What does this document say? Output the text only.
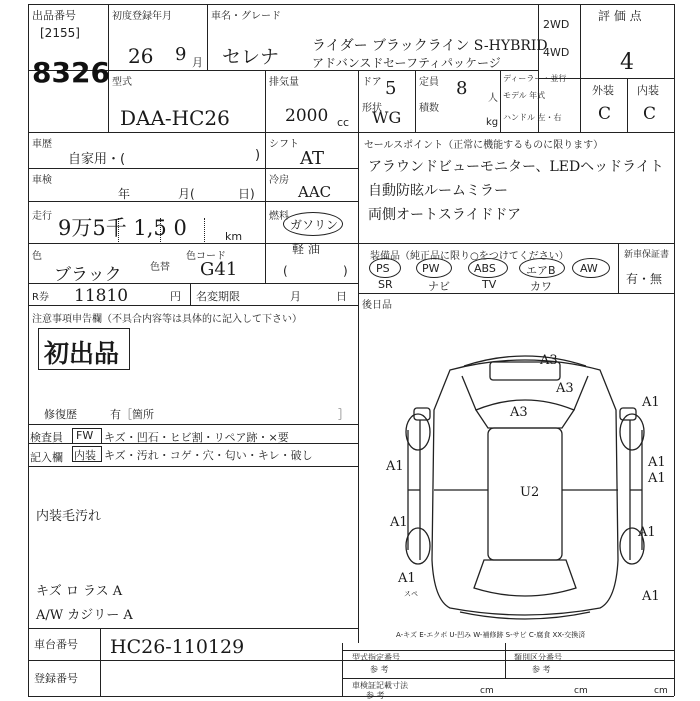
出品番号
[2155]
8326
初度登録年月
26 9 月
車名・グレード
セレナ ライダー ブラックライン S-HYBRID
アドバンスドセーフティパッケージ
2WD
4WD
評 価 点
4
外装 内装
C C
型式
DAA-HC26
排気量
2000 cc
ドア 5
形状
WG
定員 8 人
積数
kg
ディーラー・並行
モデル 年式
ハンドル 左・右
車歴
自家用・(	)
シフト
AT
車検
年	月(	日)
冷房
AAC
走行 9万5千 1,5 0	km
燃料
ガソリン
軽 油
色
ブラック	色替
色コード
G41	(	)
R券 11810	円 名変期限	月	日
セールスポイント（正常に機能するものに限ります）
アラウンドビューモニター、LEDヘッドライト
自動防眩ルームミラー
両側オートスライドドア
装備品（純正品に限り○をつけてください）
PS	PW	ABS	エアB AW
SR	ナビ	TV	カワ
新車保証書
有・無
後日品
注意事項申告欄（不具合内容等は具体的に記入して下さい）
初出品
修復歴	有［箇所	］
検査員 FW キズ・凹石・ヒビ割・リペア跡・×要
記入欄 内装 キズ・汚れ・コゲ・穴・匂い・キレ・破し
内装毛汚れ
キズ ロ ラス A
A/W カジリー A
A3
A3
A3
A1
A1
A1
A1
A1
A1
A1
U2
A1
スペ
A-キズ E-エクボ U-凹み W-補修跡 S-サビ C-腐食 XX-交換済
車台番号 HC26-110129
登録番号
型式指定番号
参 考
類別区分番号
参 考
車検証記載寸法
参 考	cm	cm	cm
